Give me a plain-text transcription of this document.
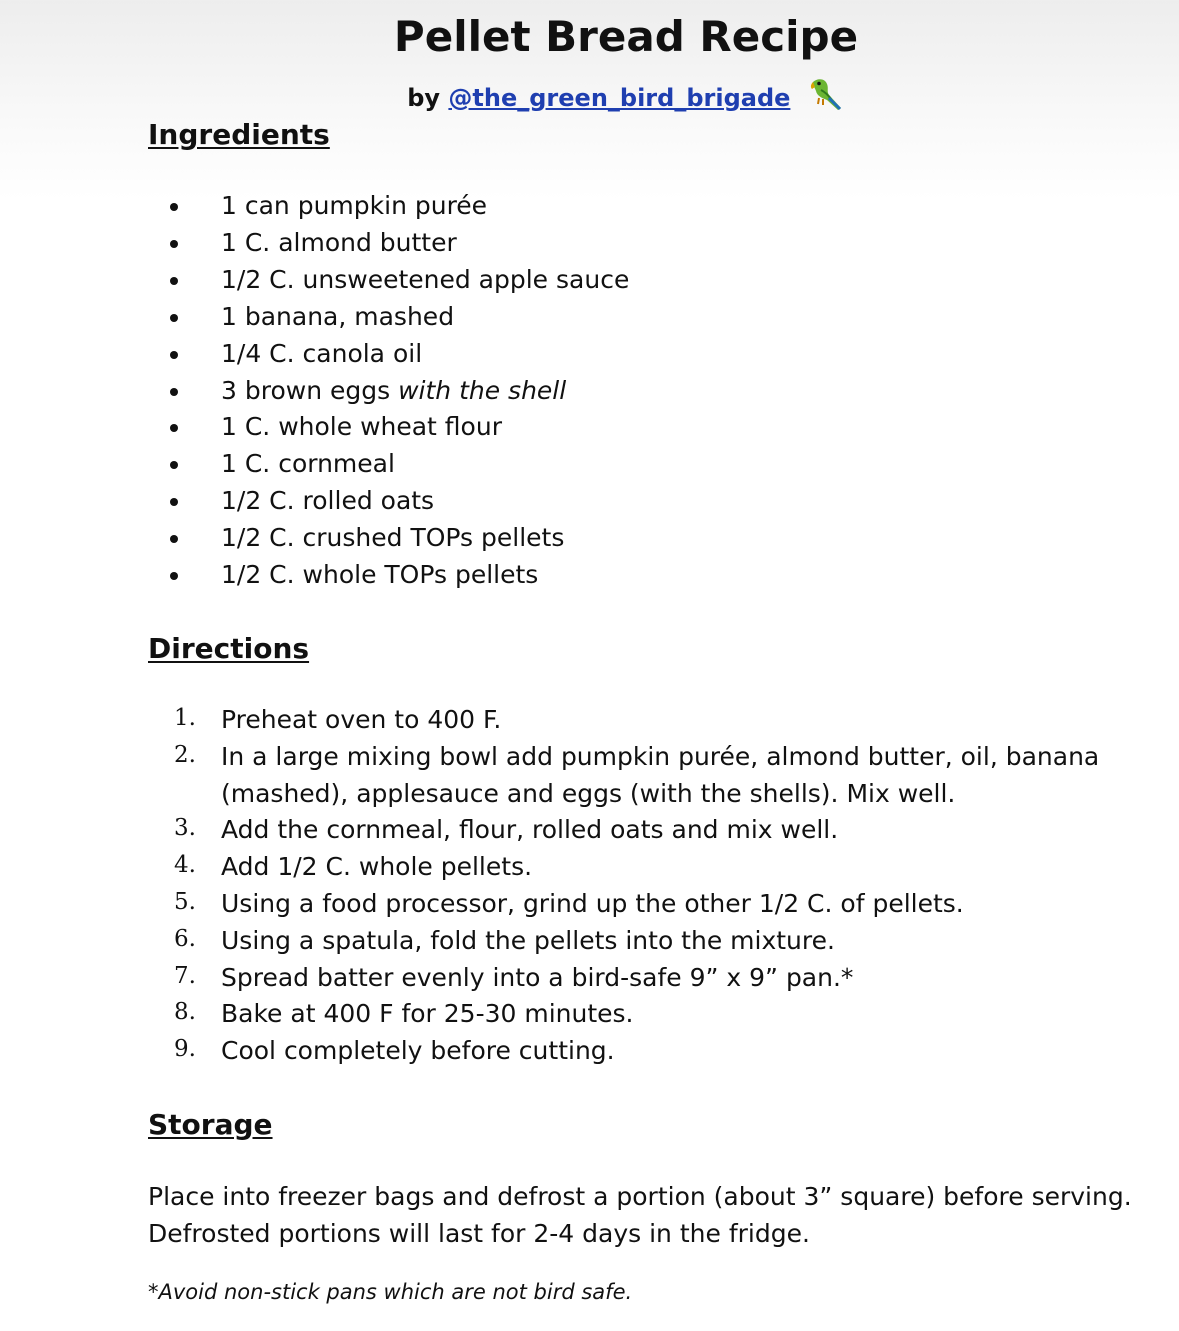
Pellet Bread Recipe
by @the_green_bird_brigade
Ingredients
1 can pumpkin purée
1 C. almond butter
1/2 C. unsweetened apple sauce
1 banana, mashed
1/4 C. canola oil
3 brown eggs with the shell
1 C. whole wheat flour
1 C. cornmeal
1/2 C. rolled oats
1/2 C. crushed TOPs pellets
1/2 C. whole TOPs pellets
Directions
1. Preheat oven to 400 F.
2. In a large mixing bowl add pumpkin purée, almond butter, oil, banana
(mashed), applesauce and eggs (with the shells). Mix well.
3. Add the cornmeal, flour, rolled oats and mix well.
4. Add 1/2 C. whole pellets.
5. Using a food processor, grind up the other 1/2 C. of pellets.
6. Using a spatula, fold the pellets into the mixture.
7. Spread batter evenly into a bird-safe 9” x 9” pan.*
8. Bake at 400 F for 25-30 minutes.
9. Cool completely before cutting.
Storage
Place into freezer bags and defrost a portion (about 3” square) before serving.
Defrosted portions will last for 2-4 days in the fridge.
*Avoid non-stick pans which are not bird safe.
